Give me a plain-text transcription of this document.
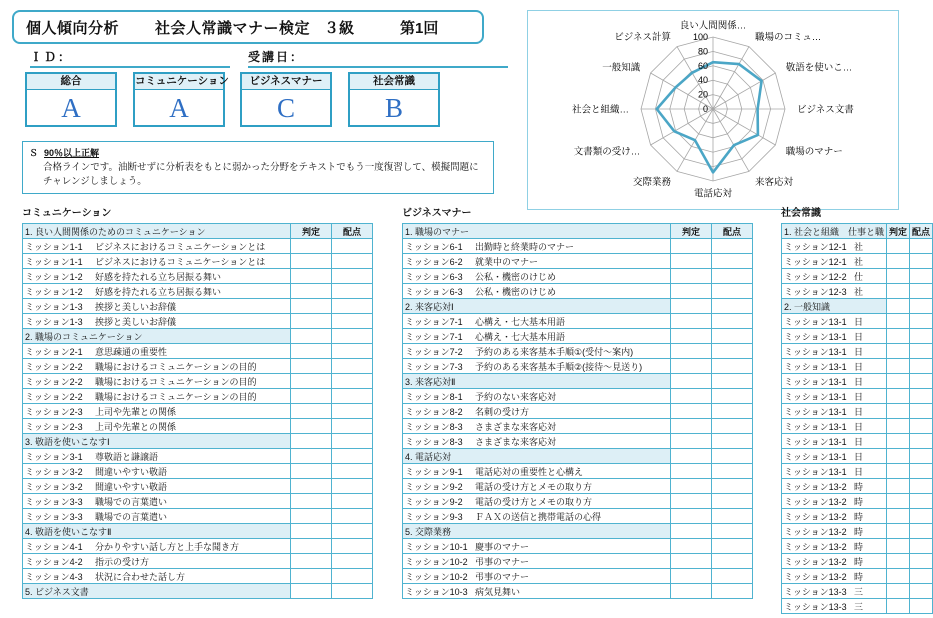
個人傾向分析 社会人常識マナー検定 ３級	第1回
ＩＤ：	受講日：
総合
A
コミュニケーション
A
ビジネスマナー
C
社会常識
B
Ｓ 90％以上正解
合格ラインです。油断せずに分析表をもとに弱かった分野をテキストでもう一度復習して、模擬問題にチャレンジしましょう。
0
20
40
60
80
100
良い人間関係…
職場のコミュ…
敬語を使いこ…
ビジネス文書
職場のマナー
来客応対
電話応対
交際業務
文書類の受け…
社会と組織…
一般知識
ビジネス計算
コミュニケーション
1. 良い人間関係のためのコミュニケーション	判定	配点
ミッション1-1 ビジネスにおけるコミュニケーションとは		
ミッション1-1 ビジネスにおけるコミュニケーションとは		
ミッション1-2 好感を持たれる立ち居振る舞い		
ミッション1-2 好感を持たれる立ち居振る舞い		
ミッション1-3 挨拶と美しいお辞儀		
ミッション1-3 挨拶と美しいお辞儀		
2. 職場のコミュニケーション		
ミッション2-1 意思疎通の重要性		
ミッション2-2 職場におけるコミュニケーションの目的		
ミッション2-2 職場におけるコミュニケーションの目的		
ミッション2-2 職場におけるコミュニケーションの目的		
ミッション2-3 上司や先輩との関係		
ミッション2-3 上司や先輩との関係		
3. 敬語を使いこなすⅠ		
ミッション3-1 尊敬語と謙譲語		
ミッション3-2 間違いやすい敬語		
ミッション3-2 間違いやすい敬語		
ミッション3-3 職場での言葉遣い		
ミッション3-3 職場での言葉遣い		
4. 敬語を使いこなすⅡ		
ミッション4-1 分かりやすい話し方と上手な聞き方		
ミッション4-2 指示の受け方		
ミッション4-3 状況に合わせた話し方		
5. ビジネス文書		
ビジネスマナー
1. 職場のマナー	判定	配点
ミッション6-1 出勤時と終業時のマナー		
ミッション6-2 就業中のマナー		
ミッション6-3 公私・機密のけじめ		
ミッション6-3 公私・機密のけじめ		
2. 来客応対Ⅰ		
ミッション7-1 心構え・七大基本用語		
ミッション7-1 心構え・七大基本用語		
ミッション7-2 予約のある来客基本手順①(受付～案内)		
ミッション7-3 予約のある来客基本手順②(接待～見送り)		
3. 来客応対Ⅱ		
ミッション8-1 予約のない来客応対		
ミッション8-2 名刺の受け方		
ミッション8-3 さまざまな来客応対		
ミッション8-3 さまざまな来客応対		
4. 電話応対		
ミッション9-1 電話応対の重要性と心構え		
ミッション9-2 電話の受け方とメモの取り方		
ミッション9-2 電話の受け方とメモの取り方		
ミッション9-3 ＦＡＸの送信と携帯電話の心得		
5. 交際業務		
ミッション10-1 慶事のマナー		
ミッション10-2 弔事のマナー		
ミッション10-2 弔事のマナー		
ミッション10-3 病気見舞い		
社会常識
1. 社会と組織　仕事と職	判定	配点
ミッション12-1 社		
ミッション12-1 社		
ミッション12-2 仕		
ミッション12-3 社		
2. 一般知識		
ミッション13-1 日		
ミッション13-1 日		
ミッション13-1 日		
ミッション13-1 日		
ミッション13-1 日		
ミッション13-1 日		
ミッション13-1 日		
ミッション13-1 日		
ミッション13-1 日		
ミッション13-1 日		
ミッション13-1 日		
ミッション13-2 時		
ミッション13-2 時		
ミッション13-2 時		
ミッション13-2 時		
ミッション13-2 時		
ミッション13-2 時		
ミッション13-2 時		
ミッション13-3 三		
ミッション13-3 三		
